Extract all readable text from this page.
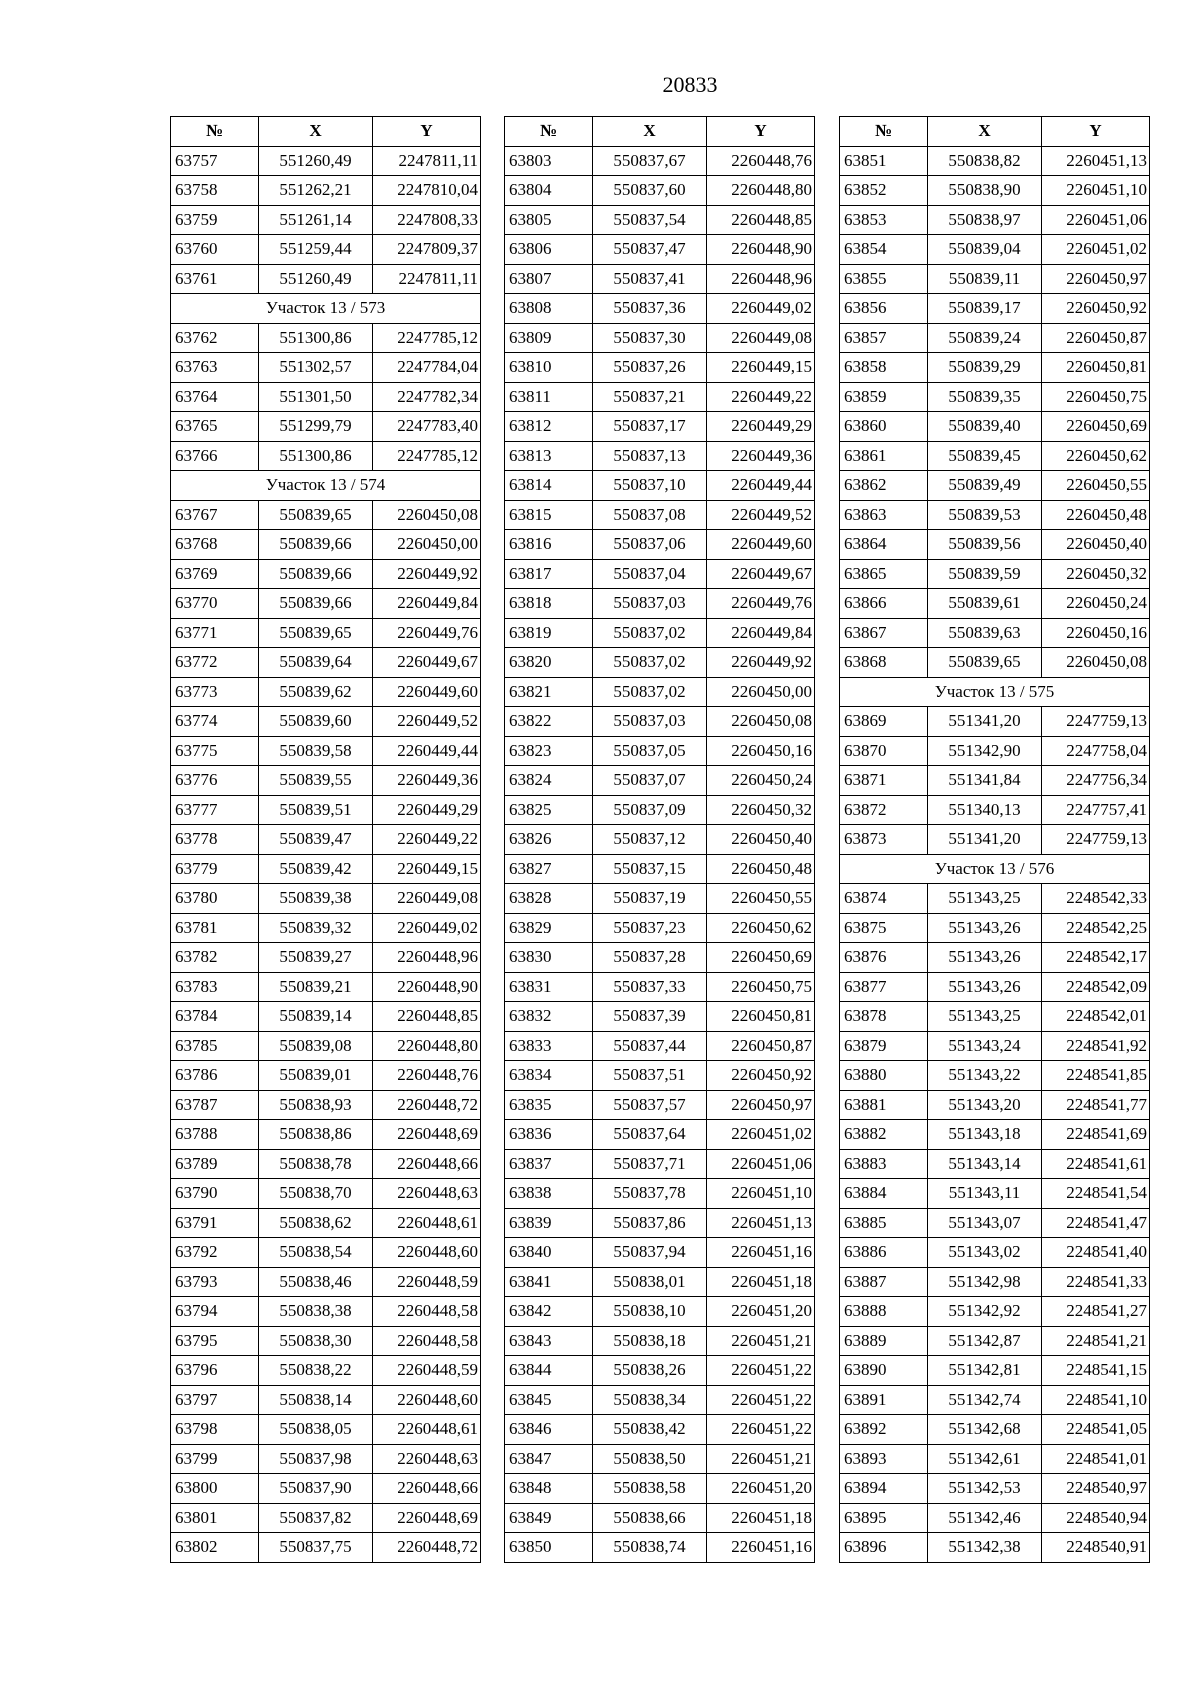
20833
№	X	Y
63757	551260,49	2247811,11
63758	551262,21	2247810,04
63759	551261,14	2247808,33
63760	551259,44	2247809,37
63761	551260,49	2247811,11
Участок 13 / 573		
63762	551300,86	2247785,12
63763	551302,57	2247784,04
63764	551301,50	2247782,34
63765	551299,79	2247783,40
63766	551300,86	2247785,12
Участок 13 / 574		
63767	550839,65	2260450,08
63768	550839,66	2260450,00
63769	550839,66	2260449,92
63770	550839,66	2260449,84
63771	550839,65	2260449,76
63772	550839,64	2260449,67
63773	550839,62	2260449,60
63774	550839,60	2260449,52
63775	550839,58	2260449,44
63776	550839,55	2260449,36
63777	550839,51	2260449,29
63778	550839,47	2260449,22
63779	550839,42	2260449,15
63780	550839,38	2260449,08
63781	550839,32	2260449,02
63782	550839,27	2260448,96
63783	550839,21	2260448,90
63784	550839,14	2260448,85
63785	550839,08	2260448,80
63786	550839,01	2260448,76
63787	550838,93	2260448,72
63788	550838,86	2260448,69
63789	550838,78	2260448,66
63790	550838,70	2260448,63
63791	550838,62	2260448,61
63792	550838,54	2260448,60
63793	550838,46	2260448,59
63794	550838,38	2260448,58
63795	550838,30	2260448,58
63796	550838,22	2260448,59
63797	550838,14	2260448,60
63798	550838,05	2260448,61
63799	550837,98	2260448,63
63800	550837,90	2260448,66
63801	550837,82	2260448,69
63802	550837,75	2260448,72
№	X	Y
63803	550837,67	2260448,76
63804	550837,60	2260448,80
63805	550837,54	2260448,85
63806	550837,47	2260448,90
63807	550837,41	2260448,96
63808	550837,36	2260449,02
63809	550837,30	2260449,08
63810	550837,26	2260449,15
63811	550837,21	2260449,22
63812	550837,17	2260449,29
63813	550837,13	2260449,36
63814	550837,10	2260449,44
63815	550837,08	2260449,52
63816	550837,06	2260449,60
63817	550837,04	2260449,67
63818	550837,03	2260449,76
63819	550837,02	2260449,84
63820	550837,02	2260449,92
63821	550837,02	2260450,00
63822	550837,03	2260450,08
63823	550837,05	2260450,16
63824	550837,07	2260450,24
63825	550837,09	2260450,32
63826	550837,12	2260450,40
63827	550837,15	2260450,48
63828	550837,19	2260450,55
63829	550837,23	2260450,62
63830	550837,28	2260450,69
63831	550837,33	2260450,75
63832	550837,39	2260450,81
63833	550837,44	2260450,87
63834	550837,51	2260450,92
63835	550837,57	2260450,97
63836	550837,64	2260451,02
63837	550837,71	2260451,06
63838	550837,78	2260451,10
63839	550837,86	2260451,13
63840	550837,94	2260451,16
63841	550838,01	2260451,18
63842	550838,10	2260451,20
63843	550838,18	2260451,21
63844	550838,26	2260451,22
63845	550838,34	2260451,22
63846	550838,42	2260451,22
63847	550838,50	2260451,21
63848	550838,58	2260451,20
63849	550838,66	2260451,18
63850	550838,74	2260451,16
№	X	Y
63851	550838,82	2260451,13
63852	550838,90	2260451,10
63853	550838,97	2260451,06
63854	550839,04	2260451,02
63855	550839,11	2260450,97
63856	550839,17	2260450,92
63857	550839,24	2260450,87
63858	550839,29	2260450,81
63859	550839,35	2260450,75
63860	550839,40	2260450,69
63861	550839,45	2260450,62
63862	550839,49	2260450,55
63863	550839,53	2260450,48
63864	550839,56	2260450,40
63865	550839,59	2260450,32
63866	550839,61	2260450,24
63867	550839,63	2260450,16
63868	550839,65	2260450,08
Участок 13 / 575		
63869	551341,20	2247759,13
63870	551342,90	2247758,04
63871	551341,84	2247756,34
63872	551340,13	2247757,41
63873	551341,20	2247759,13
Участок 13 / 576		
63874	551343,25	2248542,33
63875	551343,26	2248542,25
63876	551343,26	2248542,17
63877	551343,26	2248542,09
63878	551343,25	2248542,01
63879	551343,24	2248541,92
63880	551343,22	2248541,85
63881	551343,20	2248541,77
63882	551343,18	2248541,69
63883	551343,14	2248541,61
63884	551343,11	2248541,54
63885	551343,07	2248541,47
63886	551343,02	2248541,40
63887	551342,98	2248541,33
63888	551342,92	2248541,27
63889	551342,87	2248541,21
63890	551342,81	2248541,15
63891	551342,74	2248541,10
63892	551342,68	2248541,05
63893	551342,61	2248541,01
63894	551342,53	2248540,97
63895	551342,46	2248540,94
63896	551342,38	2248540,91
